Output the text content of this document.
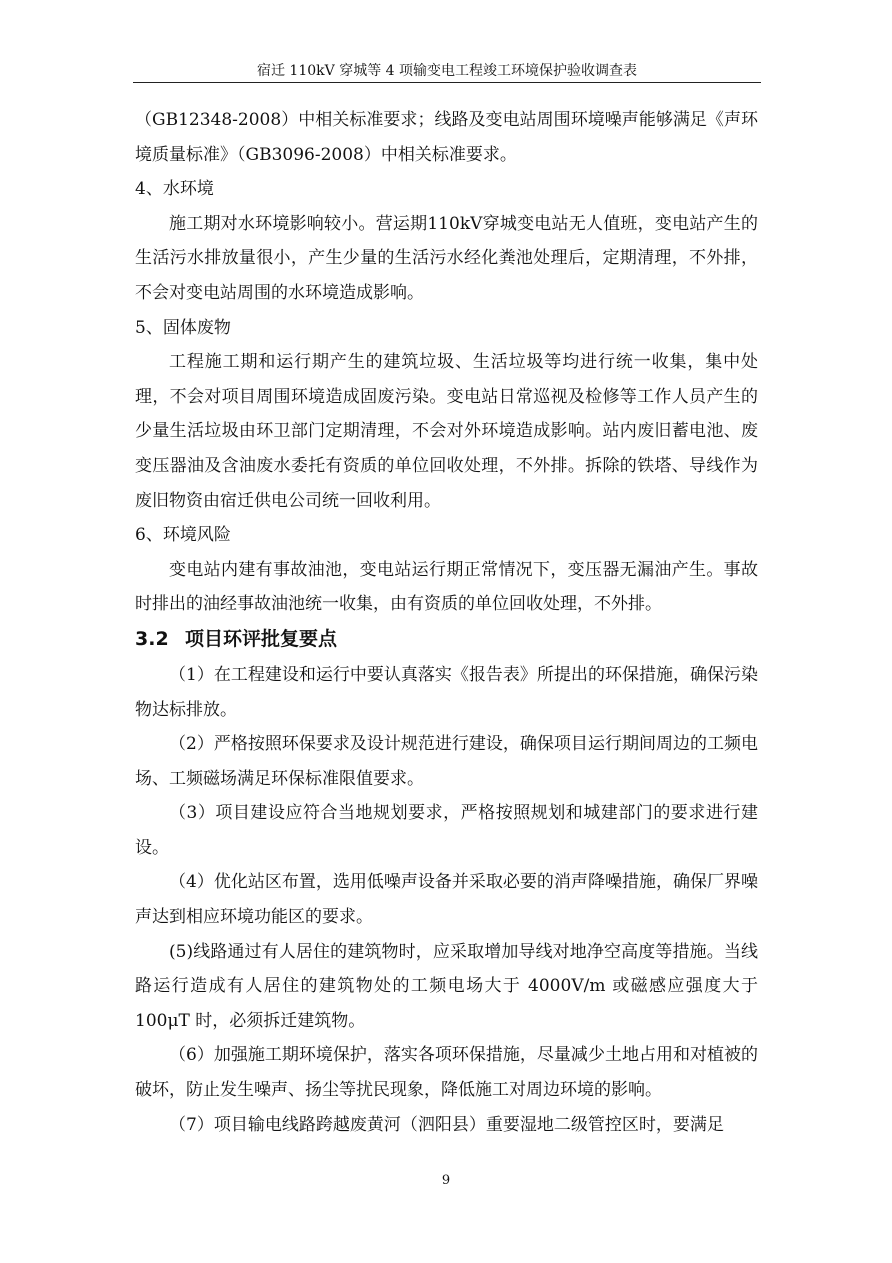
宿迁 110kV 穿城等 4 项输变电工程竣工环境保护验收调查表

（GB12348-2008）中相关标准要求；线路及变电站周围环境噪声能够满足《声环境质量标准》（GB3096-2008）中相关标准要求。

4、水环境

施工期对水环境影响较小。营运期110kV穿城变电站无人值班，变电站产生的生活污水排放量很小，产生少量的生活污水经化粪池处理后，定期清理，不外排，不会对变电站周围的水环境造成影响。

5、固体废物

工程施工期和运行期产生的建筑垃圾、生活垃圾等均进行统一收集，集中处理，不会对项目周围环境造成固废污染。变电站日常巡视及检修等工作人员产生的少量生活垃圾由环卫部门定期清理，不会对外环境造成影响。站内废旧蓄电池、废变压器油及含油废水委托有资质的单位回收处理，不外排。拆除的铁塔、导线作为废旧物资由宿迁供电公司统一回收利用。

6、环境风险

变电站内建有事故油池，变电站运行期正常情况下，变压器无漏油产生。事故时排出的油经事故油池统一收集，由有资质的单位回收处理，不外排。

3.2 项目环评批复要点

（1）在工程建设和运行中要认真落实《报告表》所提出的环保措施，确保污染物达标排放。

（2）严格按照环保要求及设计规范进行建设，确保项目运行期间周边的工频电场、工频磁场满足环保标准限值要求。

（3）项目建设应符合当地规划要求，严格按照规划和城建部门的要求进行建设。

（4）优化站区布置，选用低噪声设备并采取必要的消声降噪措施，确保厂界噪声达到相应环境功能区的要求。

(5)线路通过有人居住的建筑物时，应采取增加导线对地净空高度等措施。当线路运行造成有人居住的建筑物处的工频电场大于 4000V/m 或磁感应强度大于 100μT 时，必须拆迁建筑物。

（6）加强施工期环境保护，落实各项环保措施，尽量减少土地占用和对植被的破坏，防止发生噪声、扬尘等扰民现象，降低施工对周边环境的影响。

（7）项目输电线路跨越废黄河（泗阳县）重要湿地二级管控区时，要满足

9
